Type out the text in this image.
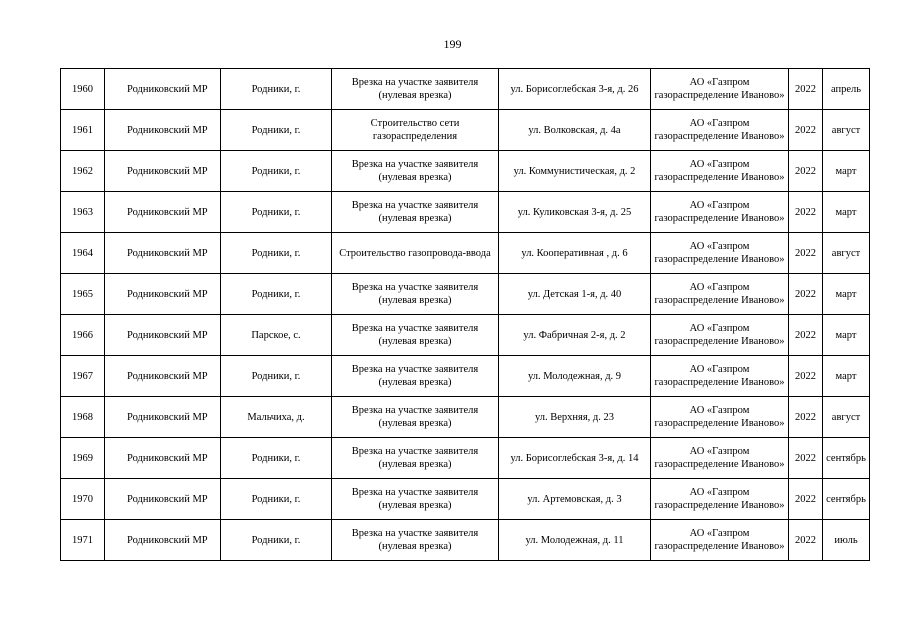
199
1960	Родниковский МР	Родники, г.	Врезка на участке заявителя (нулевая врезка)	ул. Борисоглебская 3-я, д. 26	АО «Газпром газораспределение Иваново»	2022	апрель
1961	Родниковский МР	Родники, г.	Строительство сети газораспределения	ул. Волковская, д. 4а	АО «Газпром газораспределение Иваново»	2022	август
1962	Родниковский МР	Родники, г.	Врезка на участке заявителя (нулевая врезка)	ул. Коммунистическая, д. 2	АО «Газпром газораспределение Иваново»	2022	март
1963	Родниковский МР	Родники, г.	Врезка на участке заявителя (нулевая врезка)	ул. Куликовская 3-я, д. 25	АО «Газпром газораспределение Иваново»	2022	март
1964	Родниковский МР	Родники, г.	Строительство газопровода-ввода	ул. Кооперативная , д. 6	АО «Газпром газораспределение Иваново»	2022	август
1965	Родниковский МР	Родники, г.	Врезка на участке заявителя (нулевая врезка)	ул. Детская 1-я, д. 40	АО «Газпром газораспределение Иваново»	2022	март
1966	Родниковский МР	Парское, с.	Врезка на участке заявителя (нулевая врезка)	ул. Фабричная 2-я, д. 2	АО «Газпром газораспределение Иваново»	2022	март
1967	Родниковский МР	Родники, г.	Врезка на участке заявителя (нулевая врезка)	ул. Молодежная, д. 9	АО «Газпром газораспределение Иваново»	2022	март
1968	Родниковский МР	Мальчиха, д.	Врезка на участке заявителя (нулевая врезка)	ул. Верхняя, д. 23	АО «Газпром газораспределение Иваново»	2022	август
1969	Родниковский МР	Родники, г.	Врезка на участке заявителя (нулевая врезка)	ул. Борисоглебская 3-я, д. 14	АО «Газпром газораспределение Иваново»	2022	сентябрь
1970	Родниковский МР	Родники, г.	Врезка на участке заявителя (нулевая врезка)	ул. Артемовская, д. 3	АО «Газпром газораспределение Иваново»	2022	сентябрь
1971	Родниковский МР	Родники, г.	Врезка на участке заявителя (нулевая врезка)	ул. Молодежная, д. 11	АО «Газпром газораспределение Иваново»	2022	июль
